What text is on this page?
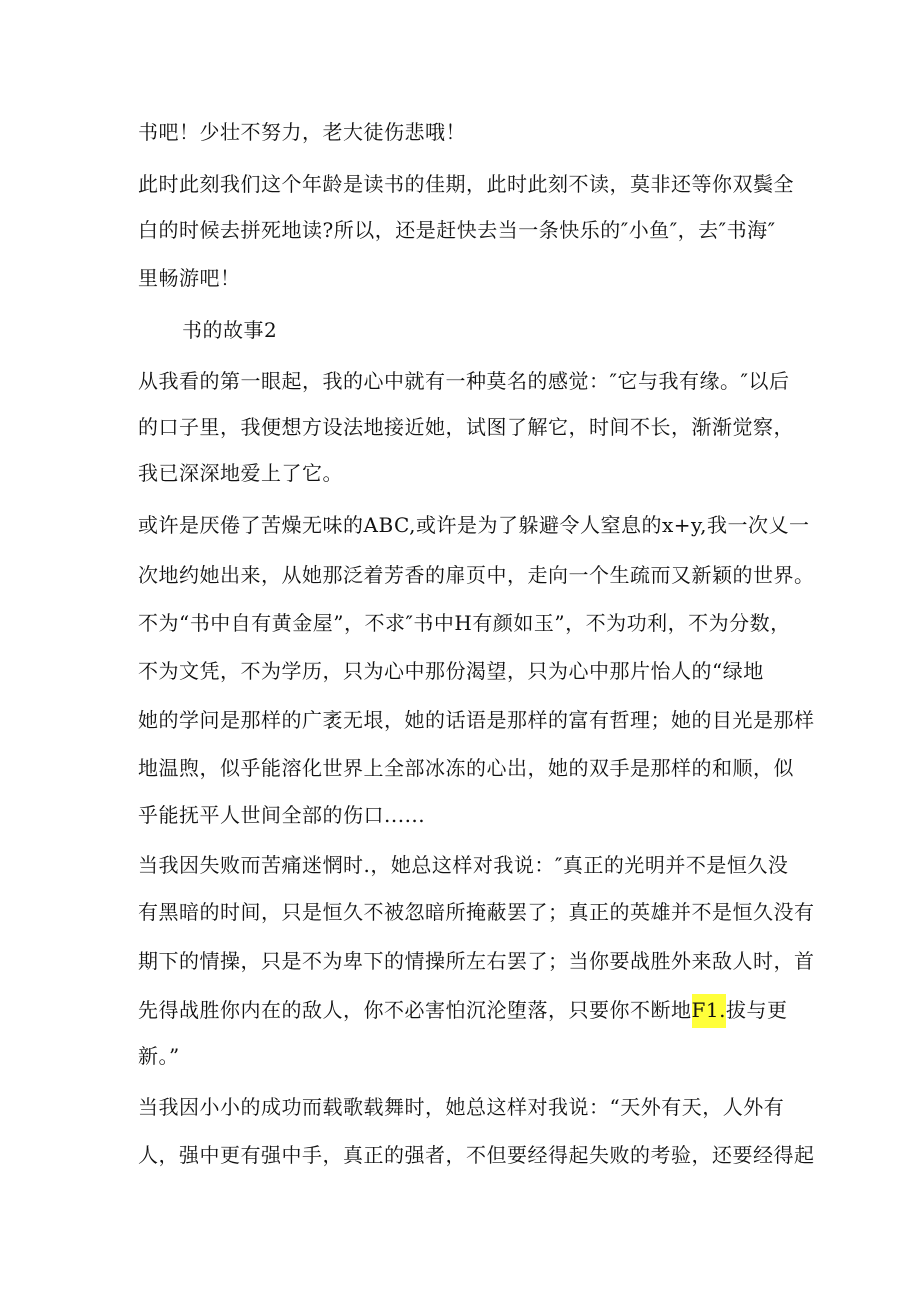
书吧！少壮不努力，老大徒伤悲哦！
此时此刻我们这个年龄是读书的佳期，此时此刻不读，莫非还等你双鬓全
白的时候去拼死地读?所以，还是赶快去当一条快乐的″小鱼″，去″书海″
里畅游吧！
书的故事2
从我看的第一眼起，我的心中就有一种莫名的感觉：″它与我有缘。″以后
的口子里，我便想方设法地接近她，试图了解它，时间不长，渐渐觉察，
我已深深地爱上了它。
或许是厌倦了苦燥无味的ABC,或许是为了躲避令人窒息的x+y,我一次乂一
次地约她出来，从她那泛着芳香的扉页中，走向一个生疏而又新颖的世界。
不为“书中自有黄金屋”，不求″书中H有颜如玉”，不为功利，不为分数，
不为文凭，不为学历，只为心中那份渴望，只为心中那片怡人的“绿地
她的学问是那样的广袤无垠，她的话语是那样的富有哲理；她的目光是那样
地温煦，似乎能溶化世界上全部冰冻的心岀，她的双手是那样的和顺，似
乎能抚平人世间全部的伤口......
当我因失败而苦痛迷惘时.，她总这样对我说：″真正的光明并不是恒久没
有黑暗的时间，只是恒久不被忽暗所掩蔽罢了；真正的英雄并不是恒久没有
期下的情操，只是不为卑下的情操所左右罢了；当你要战胜外来敌人时，首
先得战胜你内在的敌人，你不必害怕沉沦堕落，只要你不断地F1.拔与更
新。”
当我因小小的成功而载歌载舞时，她总这样对我说：“天外有天，人外有
人，强中更有强中手，真正的强者，不但要经得起失败的考验，还要经得起
